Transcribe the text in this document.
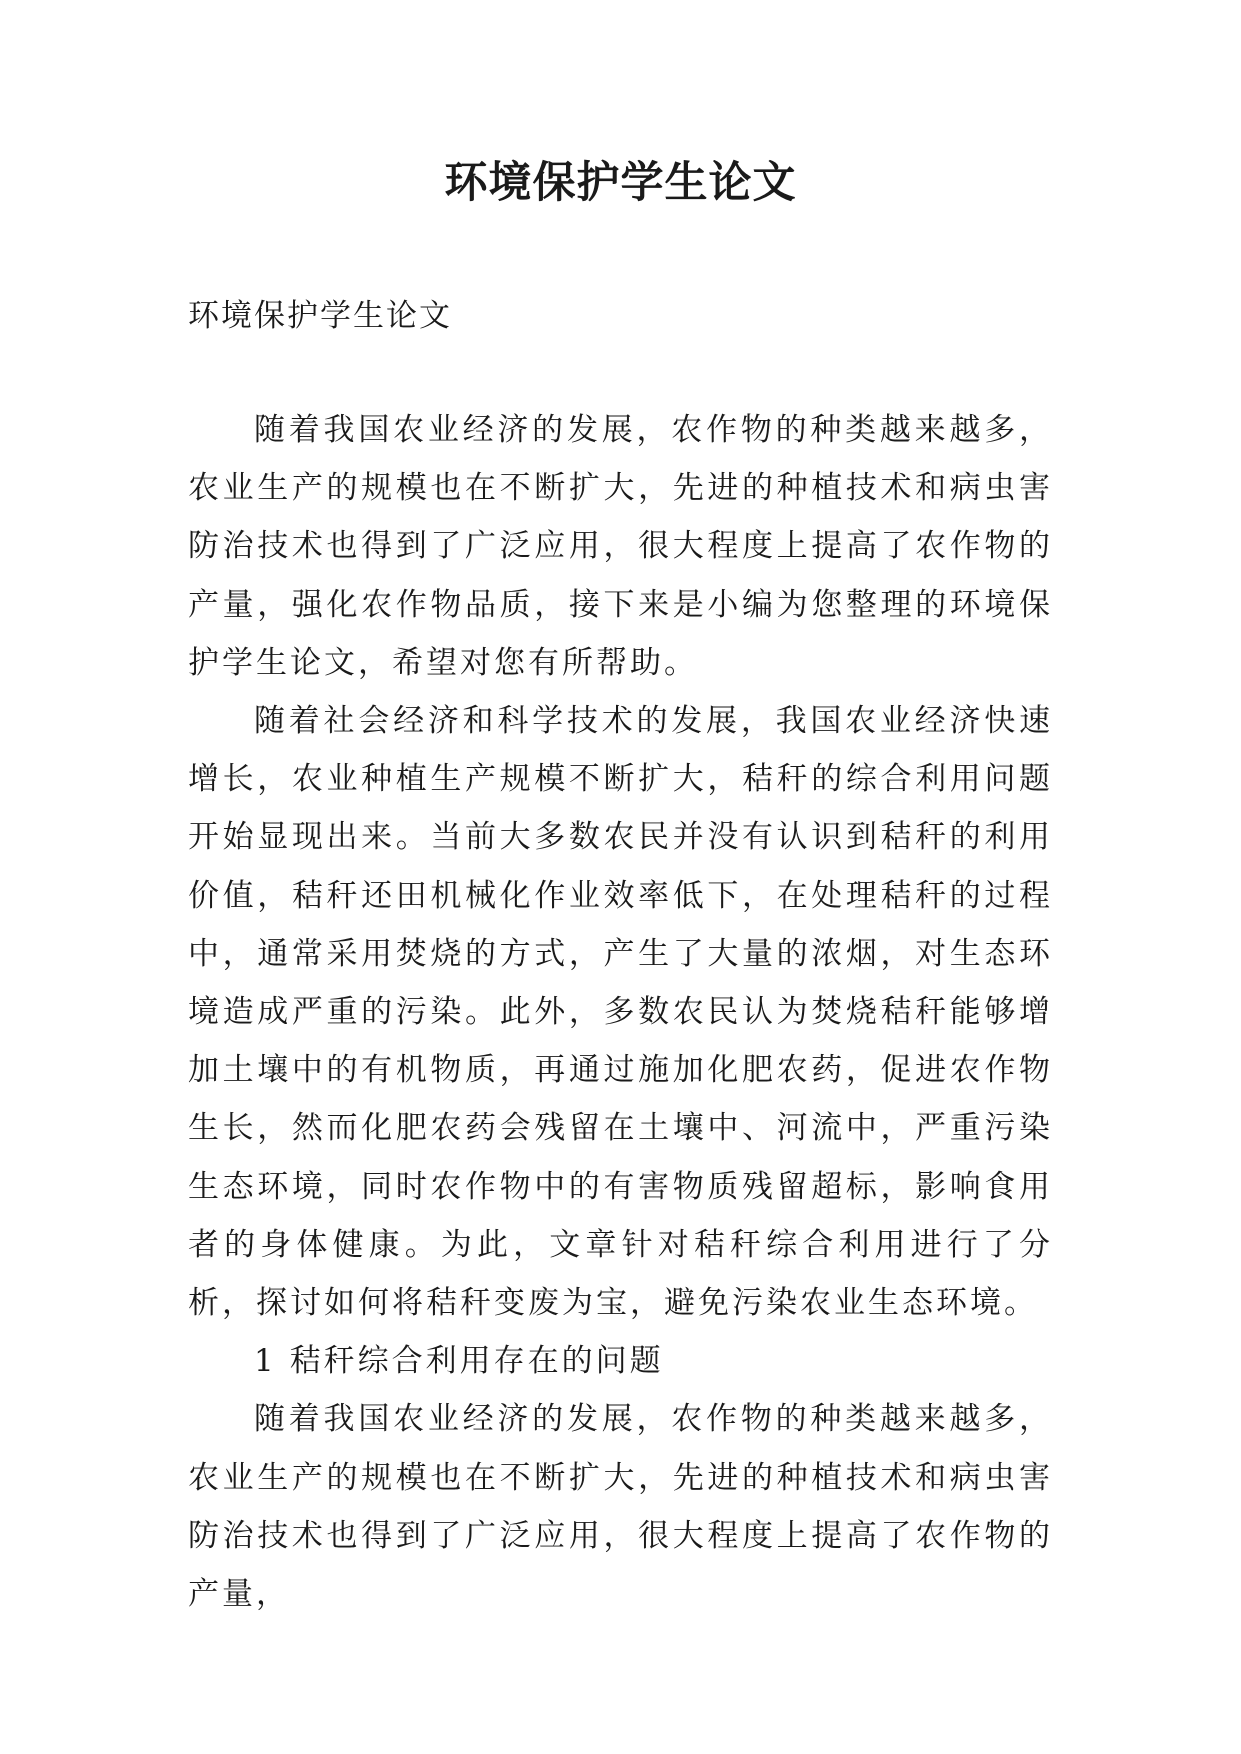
环境保护学生论文

环境保护学生论文

随着我国农业经济的发展，农作物的种类越来越多，农业生产的规模也在不断扩大，先进的种植技术和病虫害防治技术也得到了广泛应用，很大程度上提高了农作物的产量，强化农作物品质，接下来是小编为您整理的环境保护学生论文，希望对您有所帮助。

随着社会经济和科学技术的发展，我国农业经济快速增长，农业种植生产规模不断扩大，秸秆的综合利用问题开始显现出来。当前大多数农民并没有认识到秸秆的利用价值，秸秆还田机械化作业效率低下，在处理秸秆的过程中，通常采用焚烧的方式，产生了大量的浓烟，对生态环境造成严重的污染。此外，多数农民认为焚烧秸秆能够增加土壤中的有机物质，再通过施加化肥农药，促进农作物生长，然而化肥农药会残留在土壤中、河流中，严重污染生态环境，同时农作物中的有害物质残留超标，影响食用者的身体健康。为此，文章针对秸秆综合利用进行了分析，探讨如何将秸秆变废为宝，避免污染农业生态环境。

1 秸秆综合利用存在的问题

随着我国农业经济的发展，农作物的种类越来越多，农业生产的规模也在不断扩大，先进的种植技术和病虫害防治技术也得到了广泛应用，很大程度上提高了农作物的产量，
